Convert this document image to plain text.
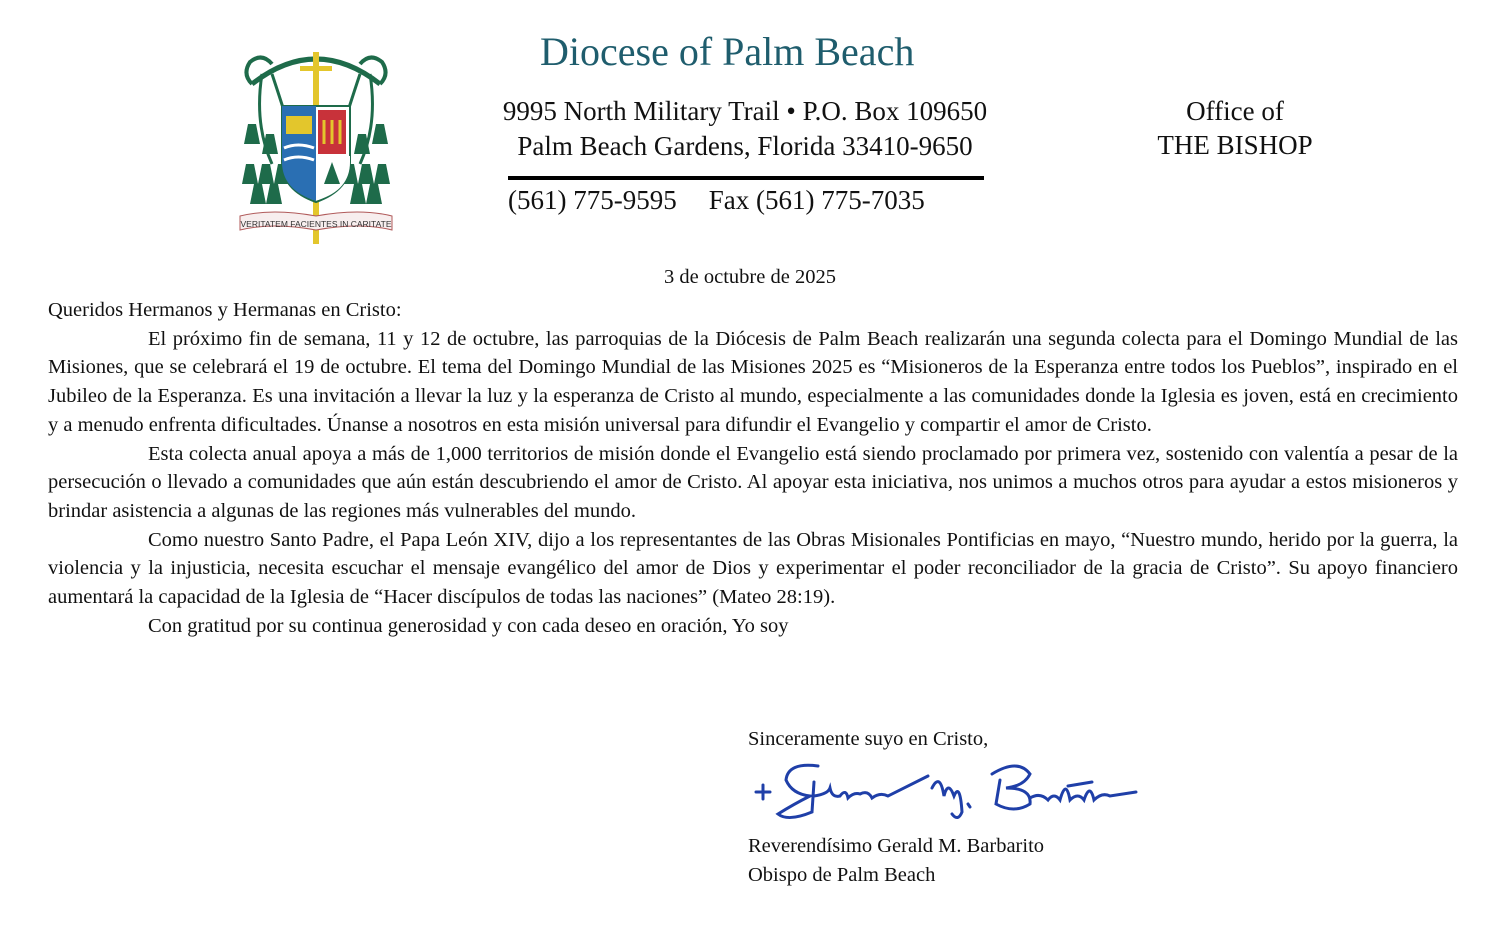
VERITATEM FACIENTES IN CARITATE
Diocese of Palm Beach
9995 North Military Trail • P.O. Box 109650
Palm Beach Gardens, Florida 33410-9650
(561) 775-9595 Fax (561) 775-7035
Office of
THE BISHOP
3 de octubre de 2025

Queridos Hermanos y Hermanas en Cristo:

El próximo fin de semana, 11 y 12 de octubre, las parroquias de la Diócesis de Palm Beach realizarán una segunda colecta para el Domingo Mundial de las Misiones, que se celebrará el 19 de octubre. El tema del Domingo Mundial de las Misiones 2025 es “Misioneros de la Esperanza entre todos los Pueblos”, inspirado en el Jubileo de la Esperanza. Es una invitación a llevar la luz y la esperanza de Cristo al mundo, especialmente a las comunidades donde la Iglesia es joven, está en crecimiento y a menudo enfrenta dificultades. Únanse a nosotros en esta misión universal para difundir el Evangelio y compartir el amor de Cristo.

Esta colecta anual apoya a más de 1,000 territorios de misión donde el Evangelio está siendo proclamado por primera vez, sostenido con valentía a pesar de la persecución o llevado a comunidades que aún están descubriendo el amor de Cristo. Al apoyar esta iniciativa, nos unimos a muchos otros para ayudar a estos misioneros y brindar asistencia a algunas de las regiones más vulnerables del mundo.

Como nuestro Santo Padre, el Papa León XIV, dijo a los representantes de las Obras Misionales Pontificias en mayo, “Nuestro mundo, herido por la guerra, la violencia y la injusticia, necesita escuchar el mensaje evangélico del amor de Dios y experimentar el poder reconciliador de la gracia de Cristo”. Su apoyo financiero aumentará la capacidad de la Iglesia de “Hacer discípulos de todas las naciones” (Mateo 28:19).

Con gratitud por su continua generosidad y con cada deseo en oración, Yo soy

Sinceramente suyo en Cristo,
Reverendísimo Gerald M. Barbarito
Obispo de Palm Beach
